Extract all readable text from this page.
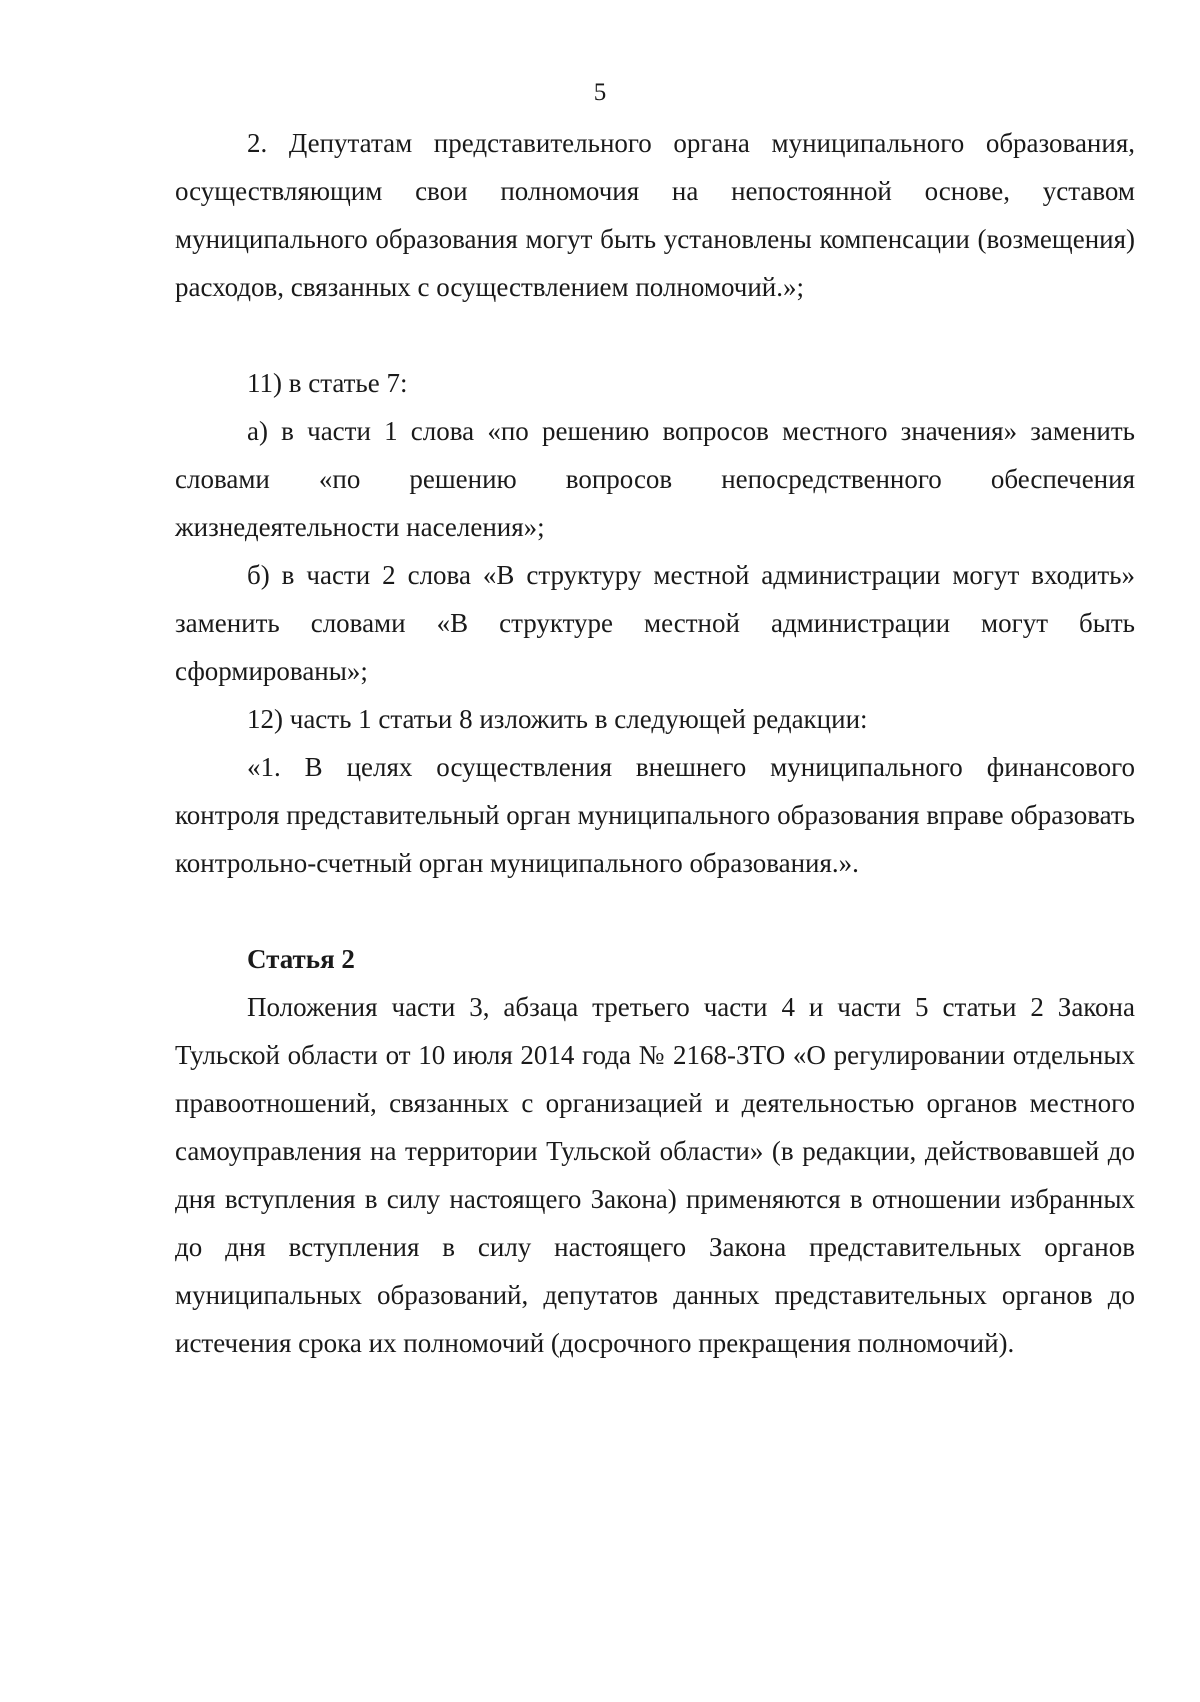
5

2. Депутатам представительного органа муниципального образования, осуществляющим свои полномочия на непостоянной основе, уставом муниципального образования могут быть установлены компенсации (возмещения) расходов, связанных с осуществлением полномочий.»;

11) в статье 7:

а) в части 1 слова «по решению вопросов местного значения» заменить словами «по решению вопросов непосредственного обеспечения жизнедеятельности населения»;

б) в части 2 слова «В структуру местной администрации могут входить» заменить словами «В структуре местной администрации могут быть сформированы»;

12) часть 1 статьи 8 изложить в следующей редакции:

«1. В целях осуществления внешнего муниципального финансового контроля представительный орган муниципального образования вправе образовать контрольно-счетный орган муниципального образования.».

Статья 2

Положения части 3, абзаца третьего части 4 и части 5 статьи 2 Закона Тульской области от 10 июля 2014 года № 2168-ЗТО «О регулировании отдельных правоотношений, связанных с организацией и деятельностью органов местного самоуправления на территории Тульской области» (в редакции, действовавшей до дня вступления в силу настоящего Закона) применяются в отношении избранных до дня вступления в силу настоящего Закона представительных органов муниципальных образований, депутатов данных представительных органов до истечения срока их полномочий (досрочного прекращения полномочий).
